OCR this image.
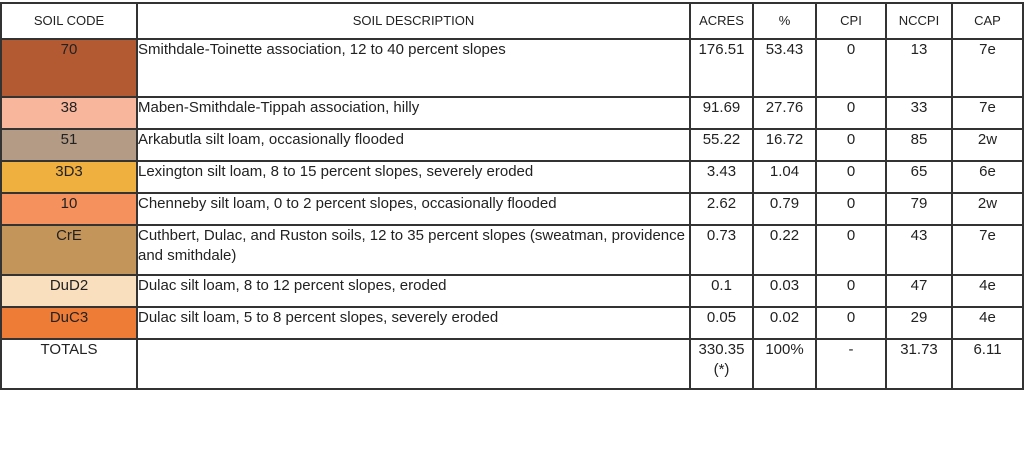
SOIL CODE	SOIL DESCRIPTION	ACRES	%	CPI	NCCPI	CAP
70	Smithdale-Toinette association, 12 to 40 percent slopes	176.51	53.43	0	13	7e
38	Maben-Smithdale-Tippah association, hilly	91.69	27.76	0	33	7e
51	Arkabutla silt loam, occasionally flooded	55.22	16.72	0	85	2w
3D3	Lexington silt loam, 8 to 15 percent slopes, severely eroded	3.43	1.04	0	65	6e
10	Chenneby silt loam, 0 to 2 percent slopes, occasionally flooded	2.62	0.79	0	79	2w
CrE	Cuthbert, Dulac, and Ruston soils, 12 to 35 percent slopes (sweatman, providence and smithdale)	0.73	0.22	0	43	7e
DuD2	Dulac silt loam, 8 to 12 percent slopes, eroded	0.1	0.03	0	47	4e
DuC3	Dulac silt loam, 5 to 8 percent slopes, severely eroded	0.05	0.02	0	29	4e
TOTALS		330.35(*)	100%	-	31.73	6.11
